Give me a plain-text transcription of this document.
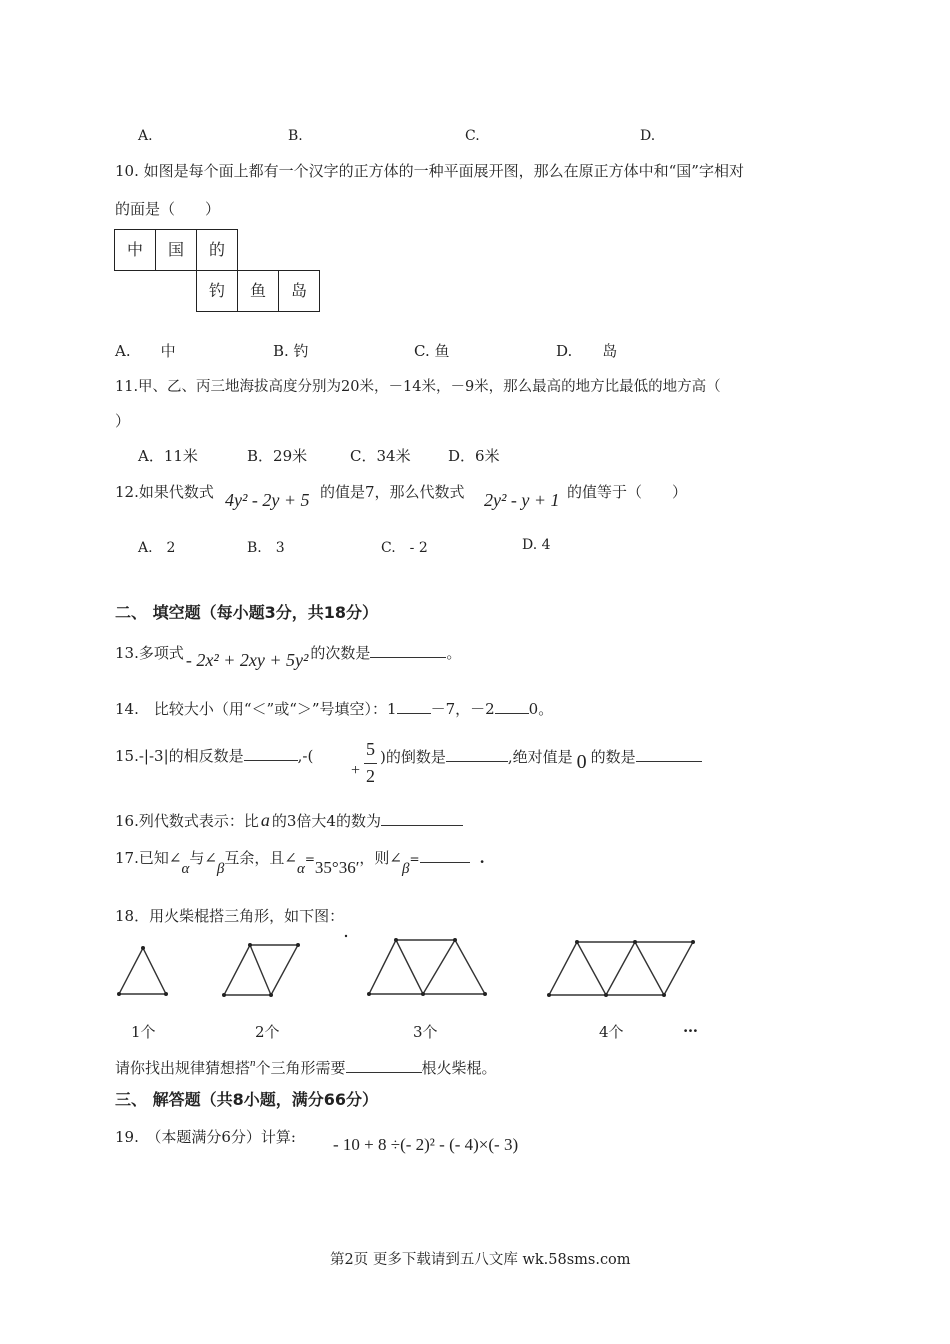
A.	B.	C.	D.
10. 如图是每个面上都有一个汉字的正方体的一种平面展开图，那么在原正方体中和“国”字相对
的面是（　　）
中	国	的
钓	鱼	岛
A.　　中	B. 钓	C. 鱼	D.　　岛
11.甲、乙、丙三地海拔高度分别为20米，－14米，－9米，那么最高的地方比最低的地方高（
）
A．11米	B．29米	C．34米 D．6米
12.如果代数式 4y² - 2y + 5 的值是7，那么代数式 2y² - y + 1 的值等于（　　）
A.　2	B.　3	C.　- 2	D. 4
二、 填空题（每小题3分，共18分）
13.多项式 - 2x² + 2xy + 5y² 的次数是	。
14.　比较大小（用“＜”或“＞”号填空）：1 －7，－2 0。
15.-|-3|的相反数是	,-(
+
5
2
)的倒数是	,绝对值是 0 的数是
16.列代数式表示：比 a 的3倍大4的数为
17.已知∠α与∠β互余，且∠α=35°36′，则∠β=	.
18．用火柴棍搭三角形，如下图：
1个	2个	3个	4个	…
请你找出规律猜想搭$^n$个三角形需要	根火柴棍。
三、 解答题（共8小题，满分66分）
19.　（本题满分6分）计算: - 10 + 8 ÷(- 2)² - (- 4)×(- 3)
第2页 更多下载请到五八文库 wk.58sms.com
